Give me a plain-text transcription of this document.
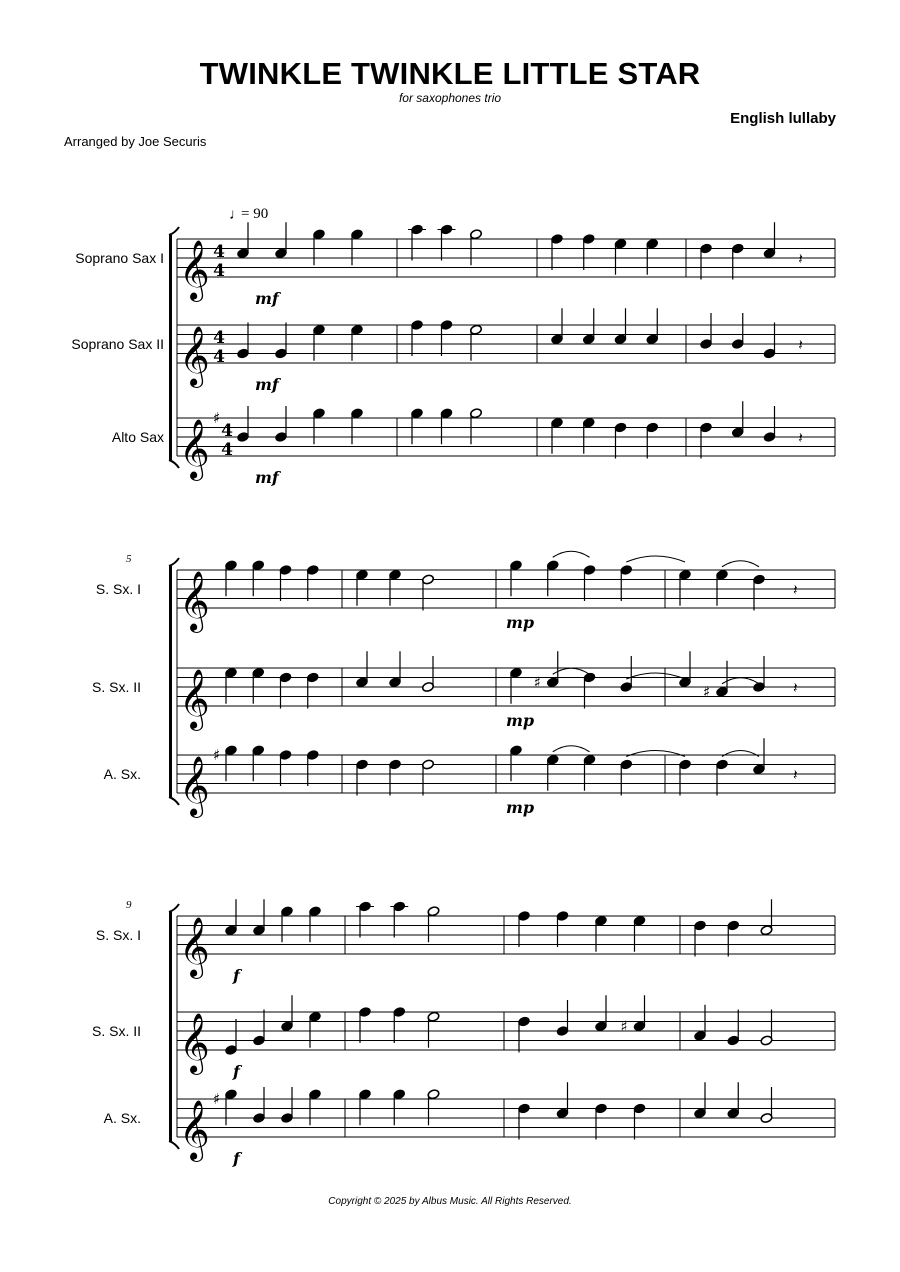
TWINKLE TWINKLE LITTLE STAR
for saxophones trio
English lullaby
Arranged by Joe Securis
♩
= 90
Soprano Sax I 𝄞 4
4
𝄽
mf
Soprano Sax II 𝄞 4
4
𝄽
mf
Alto Sax 𝄞
♯
4
4
𝄽
mf
5
S. Sx. I 𝄞	𝄽
mp
S. Sx. II 𝄞	♯
♯	𝄽
mp
A. Sx. 𝄞
♯
𝄽
mp
9
S. Sx. I 𝄞 f
S. Sx. II 𝄞	♯
f
A. Sx. 𝄞
♯
f
Copyright © 2025 by Albus Music. All Rights Reserved.
